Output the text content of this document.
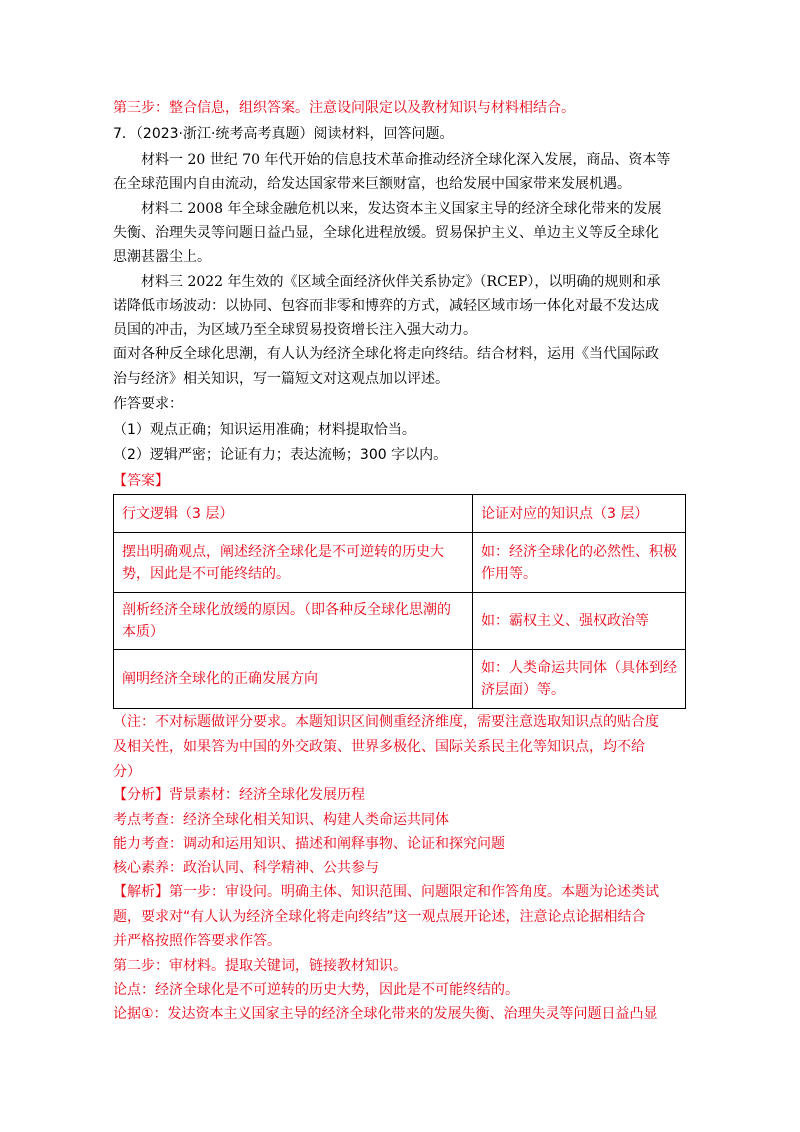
第三步：整合信息，组织答案。注意设问限定以及教材知识与材料相结合。
7．（2023·浙江·统考高考真题）阅读材料，回答问题。
材料一 20 世纪 70 年代开始的信息技术革命推动经济全球化深入发展，商品、资本等
在全球范围内自由流动，给发达国家带来巨额财富，也给发展中国家带来发展机遇。
材料二 2008 年全球金融危机以来，发达资本主义国家主导的经济全球化带来的发展
失衡、治理失灵等问题日益凸显，全球化进程放缓。贸易保护主义、单边主义等反全球化
思潮甚嚣尘上。
材料三 2022 年生效的《区域全面经济伙伴关系协定》（RCEP），以明确的规则和承
诺降低市场波动：以协同、包容而非零和博弈的方式，减轻区域市场一体化对最不发达成
员国的冲击，为区域乃至全球贸易投资增长注入强大动力。
面对各种反全球化思潮，有人认为经济全球化将走向终结。结合材料，运用《当代国际政
治与经济》相关知识，写一篇短文对这观点加以评述。
作答要求：
（1）观点正确；知识运用准确；材料提取恰当。
（2）逻辑严密；论证有力；表达流畅；300 字以内。
【答案】
行文逻辑（3 层）	论证对应的知识点（3 层）
摆出明确观点，阐述经济全球化是不可逆转的历史大势，因此是不可能终结的。	如：经济全球化的必然性、积极作用等。
剖析经济全球化放缓的原因。（即各种反全球化思潮的本质）	如：霸权主义、强权政治等
阐明经济全球化的正确发展方向	如：人类命运共同体（具体到经济层面）等。
（注：不对标题做评分要求。本题知识区间侧重经济维度，需要注意选取知识点的贴合度
及相关性，如果答为中国的外交政策、世界多极化、国际关系民主化等知识点，均不给
分）
【分析】背景素材：经济全球化发展历程
考点考查：经济全球化相关知识、构建人类命运共同体
能力考查：调动和运用知识、描述和阐释事物、论证和探究问题
核心素养：政治认同、科学精神、公共参与
【解析】第一步：审设问。明确主体、知识范围、问题限定和作答角度。本题为论述类试
题，要求对“有人认为经济全球化将走向终结”这一观点展开论述，注意论点论据相结合
并严格按照作答要求作答。
第二步：审材料。提取关键词，链接教材知识。
论点：经济全球化是不可逆转的历史大势，因此是不可能终结的。
论据①：发达资本主义国家主导的经济全球化带来的发展失衡、治理失灵等问题日益凸显
